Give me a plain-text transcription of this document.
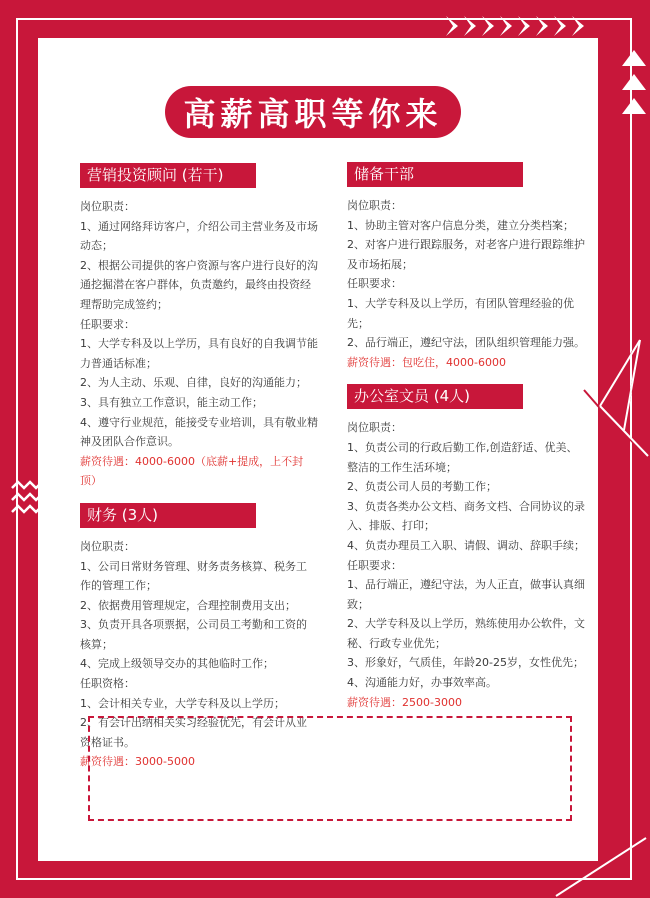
高薪高职等你来
营销投资顾问 (若干)
岗位职责：
1、通过网络拜访客户，介绍公司主营业务及市场
动态；
2、根据公司提供的客户资源与客户进行良好的沟
通挖掘潜在客户群体，负责邀约，最终由投资经
理帮助完成签约；
任职要求：
1、大学专科及以上学历，具有良好的自我调节能
力普通话标准；
2、为人主动、乐观、自律，良好的沟通能力；
3、具有独立工作意识，能主动工作；
4、遵守行业规范，能接受专业培训，具有敬业精
神及团队合作意识。
薪资待遇：4000-6000（底薪+提成，上不封
顶）
财务 (3人)
岗位职责：
1、公司日常财务管理、财务责务核算、税务工
作的管理工作；
2、依据费用管理规定，合理控制费用支出；
3、负责开具各项票据，公司员工考勤和工资的
核算；
4、完成上级领导交办的其他临时工作；
任职资格：
1、会计相关专业，大学专科及以上学历；
2、有会计出纳相关实习经验优先，有会计从业
资格证书。
薪资待遇：3000-5000
储备干部
岗位职责：
1、协助主管对客户信息分类，建立分类档案；
2、对客户进行跟踪服务，对老客户进行跟踪维护
及市场拓展；
任职要求：
1、大学专科及以上学历，有团队管理经验的优
先；
2、品行端正，遵纪守法，团队组织管理能力强。
薪资待遇：包吃住，4000-6000
办公室文员 (4人)
岗位职责：
1、负责公司的行政后勤工作,创造舒适、优美、
整洁的工作生活环境；
2、负责公司人员的考勤工作；
3、负责各类办公文档、商务文档、合同协议的录
入、排版、打印；
4、负责办理员工入职、请假、调动、辞职手续；
任职要求：
1、品行端正，遵纪守法，为人正直，做事认真细
致；
2、大学专科及以上学历，熟练使用办公软件，文
秘、行政专业优先；
3、形象好，气质佳，年龄20-25岁，女性优先；
4、沟通能力好，办事效率高。
薪资待遇：2500-3000
